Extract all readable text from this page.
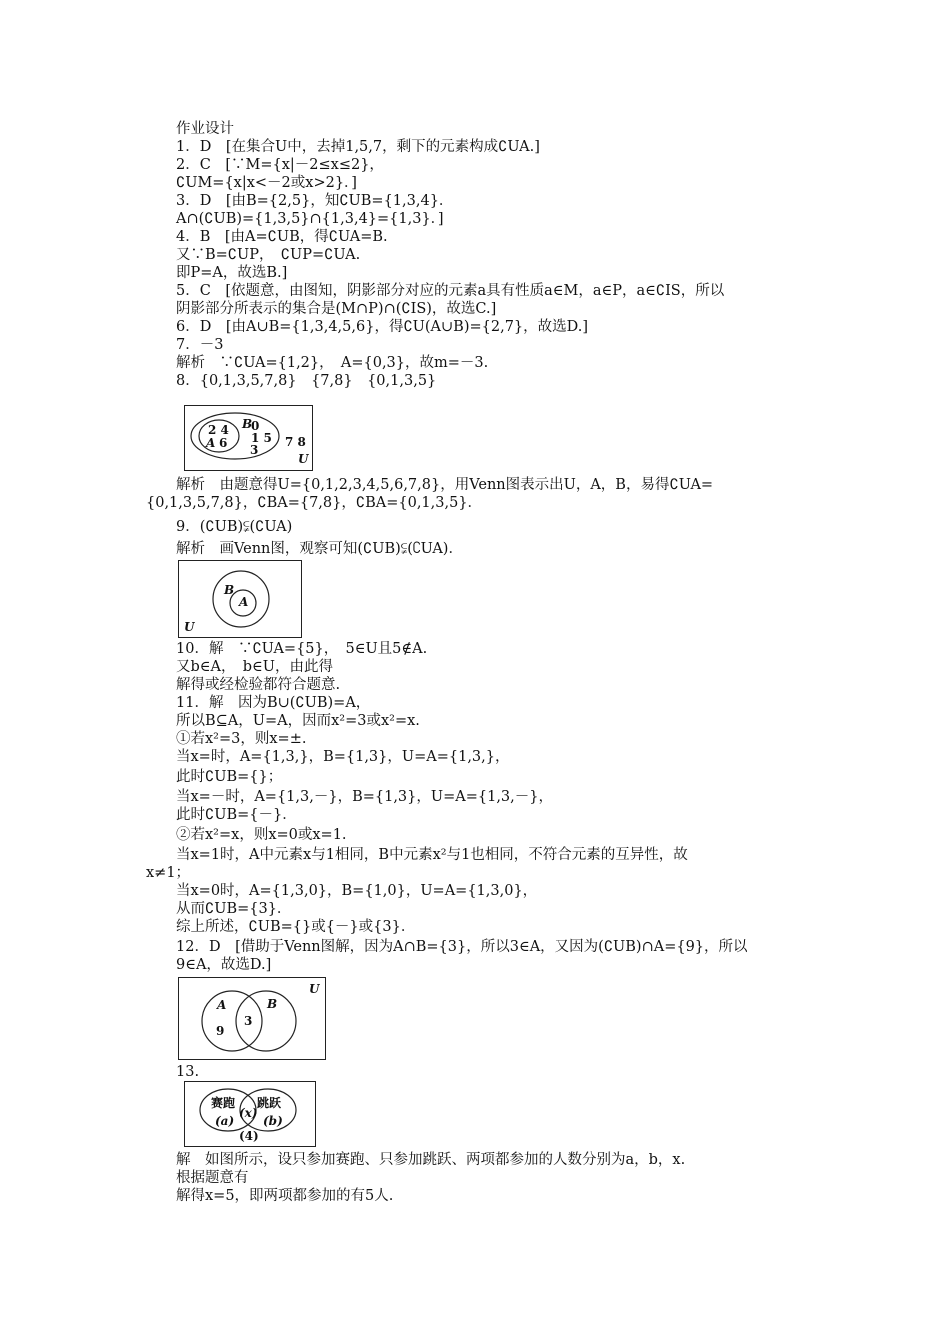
作业设计
1．D　[在集合U中，去掉1,5,7，剩下的元素构成∁UA.]
2．C　[∵M={x|－2≤x≤2}，
∁UM={x|x<－2或x>2}．]
3．D　[由B={2,5}，知∁UB={1,3,4}．
A∩(∁UB)={1,3,5}∩{1,3,4}={1,3}．]
4．B　[由A=∁UB，得∁UA=B.
又∵B=∁UP，　∁UP=∁UA.
即P=A，故选B.]
5．C　[依题意，由图知，阴影部分对应的元素a具有性质a∈M，a∈P，a∈∁IS，所以
阴影部分所表示的集合是(M∩P)∩(∁IS)，故选C.]
6．D　[由A∪B={1,3,4,5,6}，得∁U(A∪B)={2,7}，故选D.]
7．－3
解析　∵∁UA={1,2}，　A={0,3}，故m=－3.
8．{0,1,3,5,7,8}　{7,8}　{0,1,3,5}
2 4
A 6
B
0
1 5
3
7 8
U
解析　由题意得U={0,1,2,3,4,5,6,7,8}，用Venn图表示出U，A，B，易得∁UA=
{0,1,3,5,7,8}，∁BA={7,8}，∁BA={0,1,3,5}．
9．(∁UB)⫋(∁UA)
解析　画Venn图，观察可知(∁UB)⫋(∁UA)．
B
A
U
10．解　∵∁UA={5}，　5∈U且5∉A.
又b∈A，　b∈U，由此得
解得或经检验都符合题意.
11．解　因为B∪(∁UB)=A，
所以B⊆A，U=A，因而x²=3或x²=x.
①若x²=3，则x=±.
当x=时，A={1,3,}，B={1,3}，U=A={1,3,}，
此时∁UB={}；
当x=－时，A={1,3,－}，B={1,3}，U=A={1,3,－}，
此时∁UB={－}．
②若x²=x，则x=0或x=1.
当x=1时，A中元素x与1相同，B中元素x²与1也相同，不符合元素的互异性，故
x≠1；
当x=0时，A={1,3,0}，B={1,0}，U=A={1,3,0}，
从而∁UB={3}．
综上所述，∁UB={}或{－}或{3}．
12．D　[借助于Venn图解，因为A∩B={3}，所以3∈A，又因为(∁UB)∩A={9}，所以
9∈A，故选D.]
A	B
9
3
U
13.
赛跑 跳跃
(a)
(x)
(b)
(4)
解　如图所示，设只参加赛跑、只参加跳跃、两项都参加的人数分别为a，b，x.
根据题意有
解得x=5，即两项都参加的有5人.
